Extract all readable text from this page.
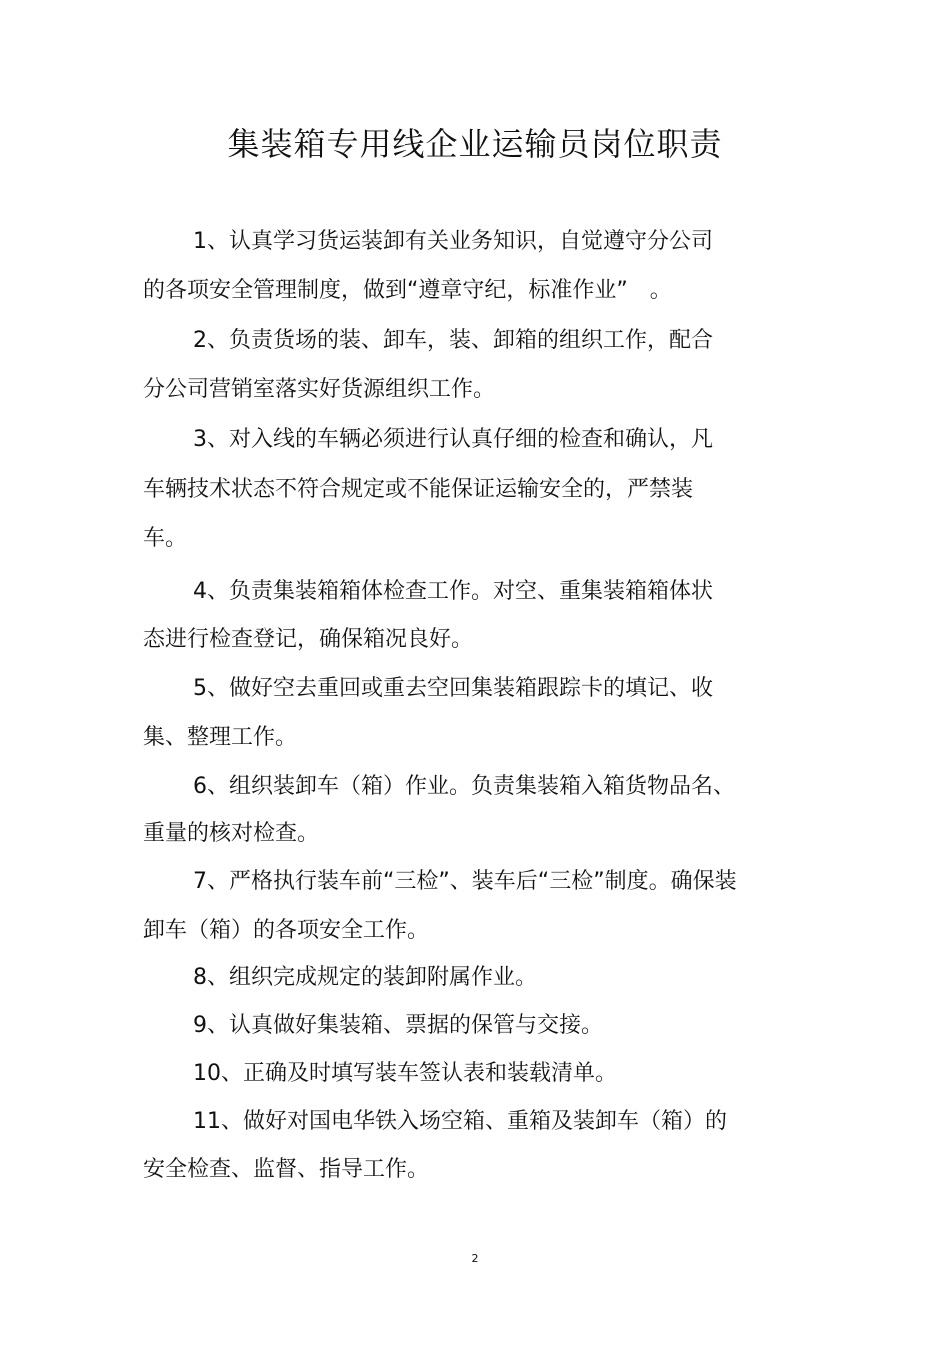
集装箱专用线企业运输员岗位职责

1、认真学习货运装卸有关业务知识，自觉遵守分公司

的各项安全管理制度，做到“遵章守纪，标准作业”　。

2、负责货场的装、卸车，装、卸箱的组织工作，配合

分公司营销室落实好货源组织工作。

3、对入线的车辆必须进行认真仔细的检查和确认，凡

车辆技术状态不符合规定或不能保证运输安全的，严禁装

车。

4、负责集装箱箱体检查工作。对空、重集装箱箱体状

态进行检查登记，确保箱况良好。

5、做好空去重回或重去空回集装箱跟踪卡的填记、收

集、整理工作。

6、组织装卸车（箱）作业。负责集装箱入箱货物品名、

重量的核对检查。

7、严格执行装车前“三检”、装车后“三检”制度。确保装

卸车（箱）的各项安全工作。

8、组织完成规定的装卸附属作业。

9、认真做好集装箱、票据的保管与交接。

10、正确及时填写装车签认表和装载清单。

11、做好对国电华铁入场空箱、重箱及装卸车（箱）的

安全检查、监督、指导工作。

2
